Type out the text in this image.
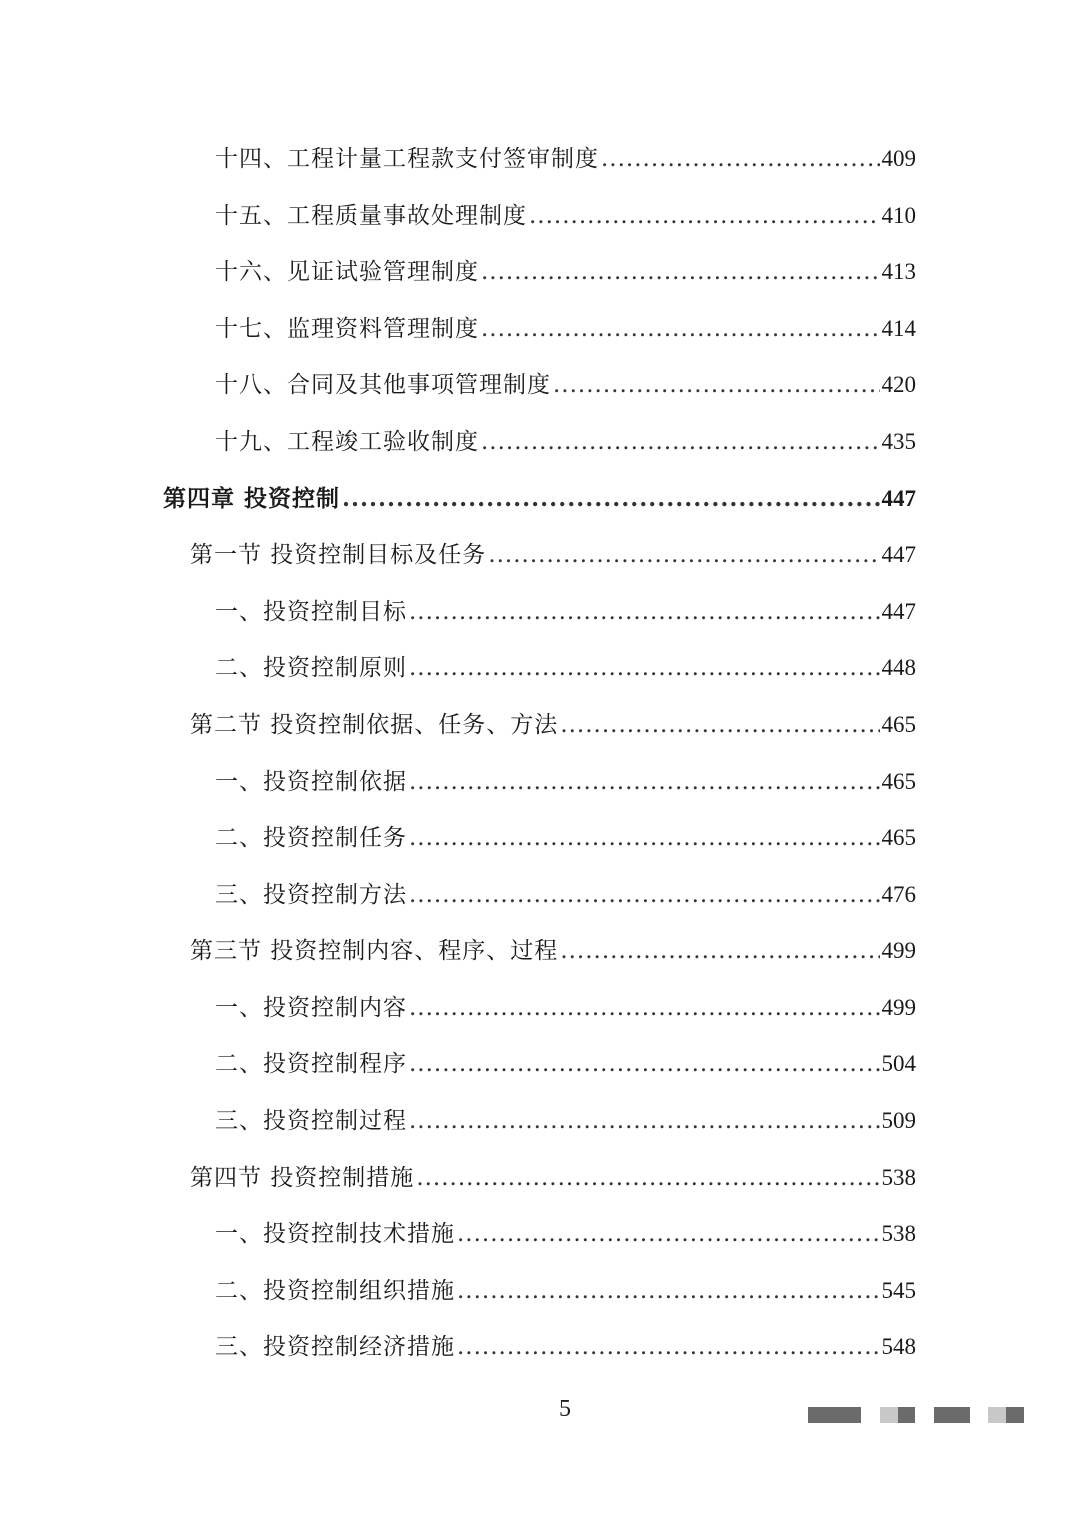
十四、工程计量工程款支付签审制度 .....	409
十五、工程质量事故处理制度 .....	410
十六、见证试验管理制度 .....	413
十七、监理资料管理制度 .....	414
十八、合同及其他事项管理制度 .....	420
十九、工程竣工验收制度 .....	435
第四章 投资控制 .....	447
第一节 投资控制目标及任务 .....	447
一、投资控制目标 .....	447
二、投资控制原则 .....	448
第二节 投资控制依据、任务、方法 .....	465
一、投资控制依据 .....	465
二、投资控制任务 .....	465
三、投资控制方法 .....	476
第三节 投资控制内容、程序、过程 .....	499
一、投资控制内容 .....	499
二、投资控制程序 .....	504
三、投资控制过程 .....	509
第四节 投资控制措施 .....	538
一、投资控制技术措施 .....	538
二、投资控制组织措施 .....	545
三、投资控制经济措施 .....	548
5
